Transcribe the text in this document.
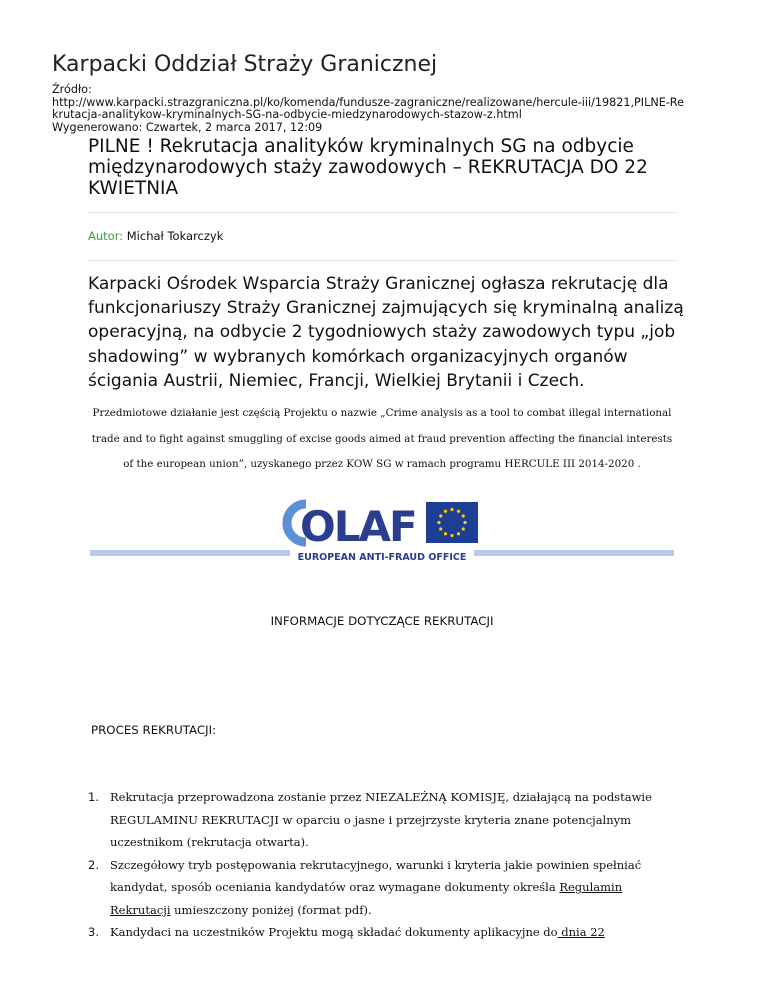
Karpacki Oddział Straży Granicznej
Źródło:
http://www.karpacki.strazgraniczna.pl/ko/komenda/fundusze-zagraniczne/realizowane/hercule-iii/19821,PILNE-Re
krutacja-analitykow-kryminalnych-SG-na-odbycie-miedzynarodowych-stazow-z.html
Wygenerowano: Czwartek, 2 marca 2017, 12:09
PILNE ! Rekrutacja analityków kryminalnych SG na odbycie międzynarodowych staży zawodowych – REKRUTACJA DO 22 KWIETNIA
Autor: Michał Tokarczyk

Karpacki Ośrodek Wsparcia Straży Granicznej ogłasza rekrutację dla funkcjonariuszy Straży Granicznej zajmujących się kryminalną analizą operacyjną, na odbycie 2 tygodniowych staży zawodowych typu „job shadowing” w wybranych komórkach organizacyjnych organów ścigania Austrii, Niemiec, Francji, Wielkiej Brytanii i Czech.

Przedmiotowe działanie jest częścią Projektu o nazwie „Crime analysis as a tool to combat illegal international trade and to fight against smuggling of excise goods aimed at fraud prevention affecting the financial interests of the european union”, uzyskanego przez KOW SG w ramach programu HERCULE III 2014-2020 .

OLAF
EUROPEAN ANTI-FRAUD OFFICE
INFORMACJE DOTYCZĄCE REKRUTACJI
PROCES REKRUTACJI:
1. Rekrutacja przeprowadzona zostanie przez NIEZALEŻNĄ KOMISJĘ, działającą na podstawie REGULAMINU REKRUTACJI w oparciu o jasne i przejrzyste kryteria znane potencjalnym uczestnikom (rekrutacja otwarta).
2. Szczegółowy tryb postępowania rekrutacyjnego, warunki i kryteria jakie powinien spełniać kandydat, sposób oceniania kandydatów oraz wymagane dokumenty określa Regulamin Rekrutacji umieszczony poniżej (format pdf).
3. Kandydaci na uczestników Projektu mogą składać dokumenty aplikacyjne do dnia 22
